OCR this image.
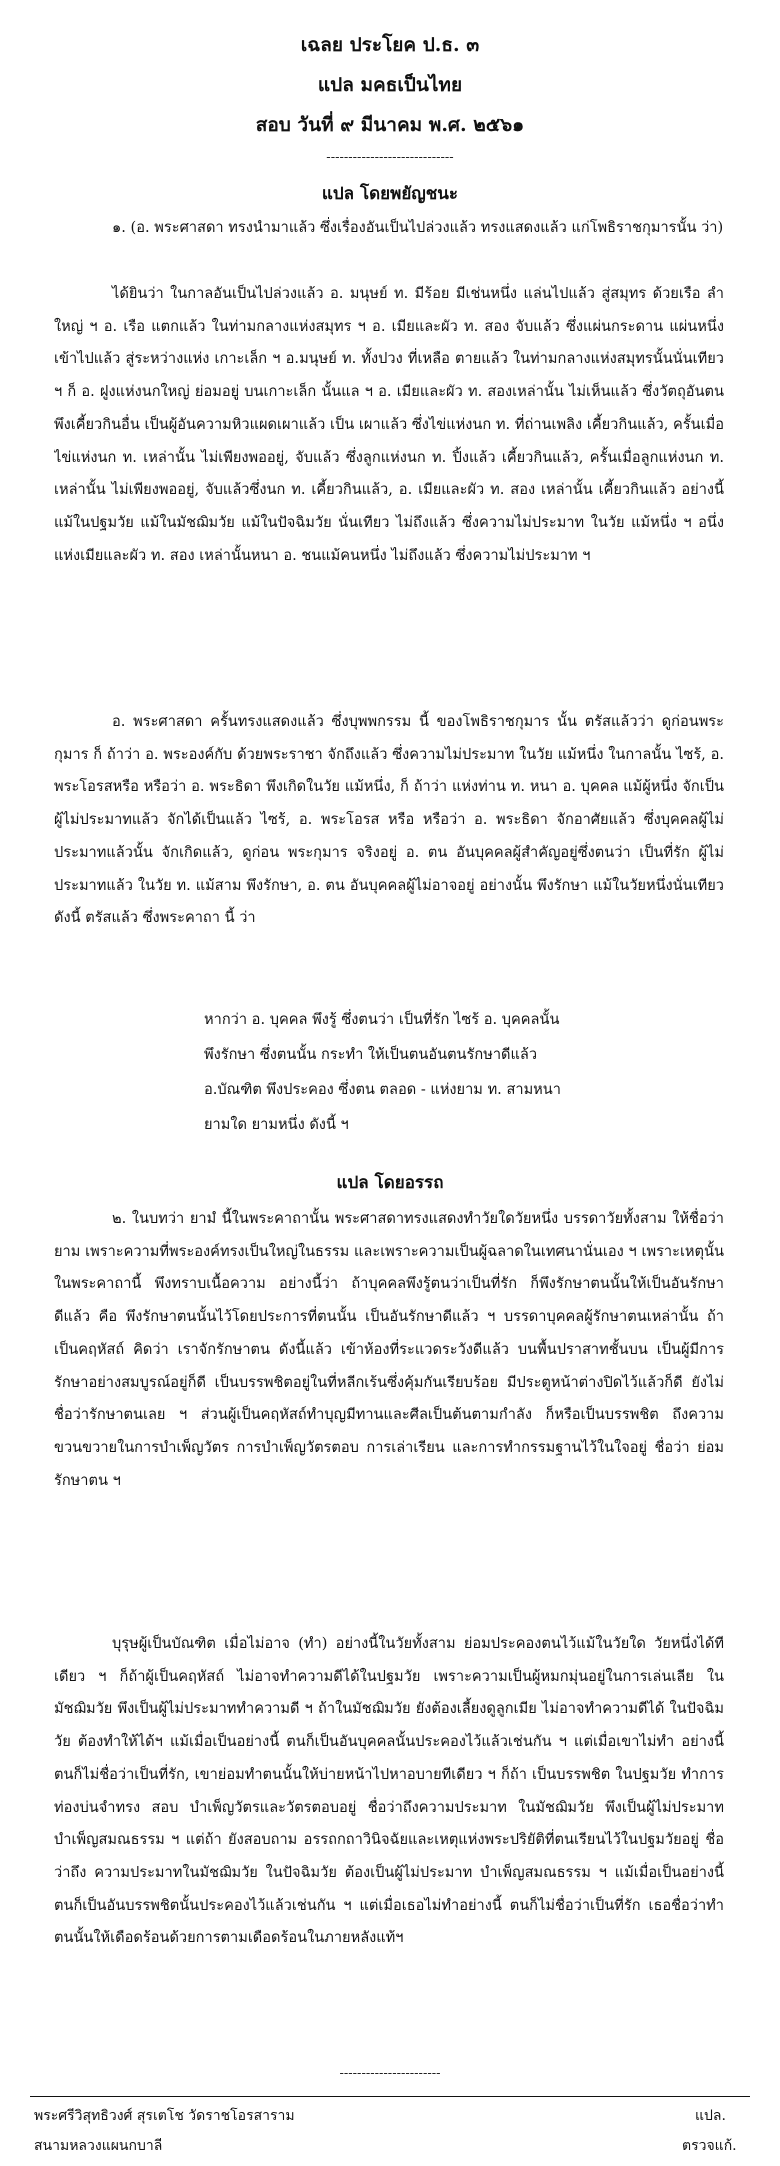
เฉลย ประโยค ป.ธ. ๓
แปล มคธเป็นไทย
สอบ วันที่ ๙ มีนาคม พ.ศ. ๒๕๖๑
-----------------------------
แปล โดยพยัญชนะ

๑. (อ. พระศาสดา ทรงนำมาแล้ว ซึ่งเรื่องอันเป็นไปล่วงแล้ว ทรงแสดงแล้ว แก่โพธิราชกุมารนั้น ว่า)

ได้ยินว่า ในกาลอันเป็นไปล่วงแล้ว อ. มนุษย์ ท. มีร้อย มีเช่นหนึ่ง แล่นไปแล้ว สู่สมุทร ด้วยเรือ ลำใหญ่ ฯ อ. เรือ แตกแล้ว ในท่ามกลางแห่งสมุทร ฯ อ. เมียและผัว ท. สอง จับแล้ว ซึ่งแผ่นกระดาน แผ่นหนึ่ง เข้าไปแล้ว สู่ระหว่างแห่ง เกาะเล็ก ฯ อ.มนุษย์ ท. ทั้งปวง ที่เหลือ ตายแล้ว ในท่ามกลางแห่งสมุทรนั้นนั่นเทียว ฯ ก็ อ. ฝูงแห่งนกใหญ่ ย่อมอยู่ บนเกาะเล็ก นั้นแล ฯ อ. เมียและผัว ท. สองเหล่านั้น ไม่เห็นแล้ว ซึ่งวัตถุอันตนพึงเคี้ยวกินอื่น เป็นผู้อันความหิวแผดเผาแล้ว เป็น เผาแล้ว ซึ่งไข่แห่งนก ท. ที่ถ่านเพลิง เคี้ยวกินแล้ว, ครั้นเมื่อไข่แห่งนก ท. เหล่านั้น ไม่เพียงพออยู่, จับแล้ว ซึ่งลูกแห่งนก ท. ปิ้งแล้ว เคี้ยวกินแล้ว, ครั้นเมื่อลูกแห่งนก ท. เหล่านั้น ไม่เพียงพออยู่, จับแล้วซึ่งนก ท. เคี้ยวกินแล้ว, อ. เมียและผัว ท. สอง เหล่านั้น เคี้ยวกินแล้ว อย่างนี้ แม้ในปฐมวัย แม้ในมัชฌิมวัย แม้ในปัจฉิมวัย นั่นเทียว ไม่ถึงแล้ว ซึ่งความไม่ประมาท ในวัย แม้หนึ่ง ฯ อนึ่ง แห่งเมียและผัว ท. สอง เหล่านั้นหนา อ. ชนแม้คนหนึ่ง ไม่ถึงแล้ว ซึ่งความไม่ประมาท ฯ

อ. พระศาสดา ครั้นทรงแสดงแล้ว ซึ่งบุพพกรรม นี้ ของโพธิราชกุมาร นั้น ตรัสแล้วว่า ดูก่อนพระกุมาร ก็ ถ้าว่า อ. พระองค์กับ ด้วยพระราชา จักถึงแล้ว ซึ่งความไม่ประมาท ในวัย แม้หนึ่ง ในกาลนั้น ไซร้, อ. พระโอรสหรือ หรือว่า อ. พระธิดา พึงเกิดในวัย แม้หนึ่ง, ก็ ถ้าว่า แห่งท่าน ท. หนา อ. บุคคล แม้ผู้หนึ่ง จักเป็น ผู้ไม่ประมาทแล้ว จักได้เป็นแล้ว ไซร้, อ. พระโอรส หรือ หรือว่า อ. พระธิดา จักอาศัยแล้ว ซึ่งบุคคลผู้ไม่ประมาทแล้วนั้น จักเกิดแล้ว, ดูก่อน พระกุมาร จริงอยู่ อ. ตน อันบุคคลผู้สำคัญอยู่ซึ่งตนว่า เป็นที่รัก ผู้ไม่ประมาทแล้ว ในวัย ท. แม้สาม พึงรักษา, อ. ตน อันบุคคลผู้ไม่อาจอยู่ อย่างนั้น พึงรักษา แม้ในวัยหนึ่งนั่นเทียว ดังนี้ ตรัสแล้ว ซึ่งพระคาถา นี้ ว่า

หากว่า อ. บุคคล พึงรู้ ซึ่งตนว่า เป็นที่รัก ไซร้ อ. บุคคลนั้น
พึงรักษา ซึ่งตนนั้น กระทำ ให้เป็นตนอันตนรักษาดีแล้ว
อ.บัณฑิต พึงประคอง ซึ่งตน ตลอด - แห่งยาม ท. สามหนา
ยามใด ยามหนึ่ง ดังนี้ ฯ
แปล โดยอรรถ

๒. ในบทว่า ยามํ นี้ในพระคาถานั้น พระศาสดาทรงแสดงทำวัยใดวัยหนึ่ง บรรดาวัยทั้งสาม ให้ชื่อว่า ยาม เพราะความที่พระองค์ทรงเป็นใหญ่ในธรรม และเพราะความเป็นผู้ฉลาดในเทศนานั่นเอง ฯ เพราะเหตุนั้น ในพระคาถานี้ พึงทราบเนื้อความ อย่างนี้ว่า ถ้าบุคคลพึงรู้ตนว่าเป็นที่รัก ก็พึงรักษาตนนั้นให้เป็นอันรักษาดีแล้ว คือ พึงรักษาตนนั้นไว้โดยประการที่ตนนั้น เป็นอันรักษาดีแล้ว ฯ บรรดาบุคคลผู้รักษาตนเหล่านั้น ถ้าเป็นคฤหัสถ์ คิดว่า เราจักรักษาตน ดังนี้แล้ว เข้าห้องที่ระแวดระวังดีแล้ว บนพื้นปราสาทชั้นบน เป็นผู้มีการรักษาอย่างสมบูรณ์อยู่ก็ดี เป็นบรรพชิตอยู่ในที่หลีกเร้นซึ่งคุ้มกันเรียบร้อย มีประตูหน้าต่างปิดไว้แล้วก็ดี ยังไม่ชื่อว่ารักษาตนเลย ฯ ส่วนผู้เป็นคฤหัสถ์ทำบุญมีทานและศีลเป็นต้นตามกำลัง ก็หรือเป็นบรรพชิต ถึงความขวนขวายในการบำเพ็ญวัตร การบำเพ็ญวัตรตอบ การเล่าเรียน และการทำกรรมฐานไว้ในใจอยู่ ชื่อว่า ย่อมรักษาตน ฯ

บุรุษผู้เป็นบัณฑิต เมื่อไม่อาจ (ทำ) อย่างนี้ในวัยทั้งสาม ย่อมประคองตนไว้แม้ในวัยใด วัยหนึ่งได้ทีเดียว ฯ ก็ถ้าผู้เป็นคฤหัสถ์ ไม่อาจทำความดีได้ในปฐมวัย เพราะความเป็นผู้หมกมุ่นอยู่ในการเล่นเลีย ในมัชฌิมวัย พึงเป็นผู้ไม่ประมาททำความดี ฯ ถ้าในมัชฌิมวัย ยังต้องเลี้ยงดูลูกเมีย ไม่อาจทำความดีได้ ในปัจฉิมวัย ต้องทำให้ได้ฯ แม้เมื่อเป็นอย่างนี้ ตนก็เป็นอันบุคคลนั้นประคองไว้แล้วเช่นกัน ฯ แต่เมื่อเขาไม่ทำ อย่างนี้ ตนก็ไม่ชื่อว่าเป็นที่รัก, เขาย่อมทำตนนั้นให้บ่ายหน้าไปหาอบายทีเดียว ฯ ก็ถ้า เป็นบรรพชิต ในปฐมวัย ทำการท่องบ่นจำทรง สอบ บำเพ็ญวัตรและวัตรตอบอยู่ ชื่อว่าถึงความประมาท ในมัชฌิมวัย พึงเป็นผู้ไม่ประมาท บำเพ็ญสมณธรรม ฯ แต่ถ้า ยังสอบถาม อรรถกถาวินิจฉัยและเหตุแห่งพระปริยัติที่ตนเรียนไว้ในปฐมวัยอยู่ ชื่อว่าถึง ความประมาทในมัชฌิมวัย ในปัจฉิมวัย ต้องเป็นผู้ไม่ประมาท บำเพ็ญสมณธรรม ฯ แม้เมื่อเป็นอย่างนี้ ตนก็เป็นอันบรรพชิตนั้นประคองไว้แล้วเช่นกัน ฯ แต่เมื่อเธอไม่ทำอย่างนี้ ตนก็ไม่ชื่อว่าเป็นที่รัก เธอชื่อว่าทำตนนั้นให้เดือดร้อนด้วยการตามเดือดร้อนในภายหลังแท้ฯ

-----------------------
พระศรีวิสุทธิวงศ์ สุรเตโช วัดราชโอรสาราม	แปล.
สนามหลวงแผนกบาลี	ตรวจแก้.
